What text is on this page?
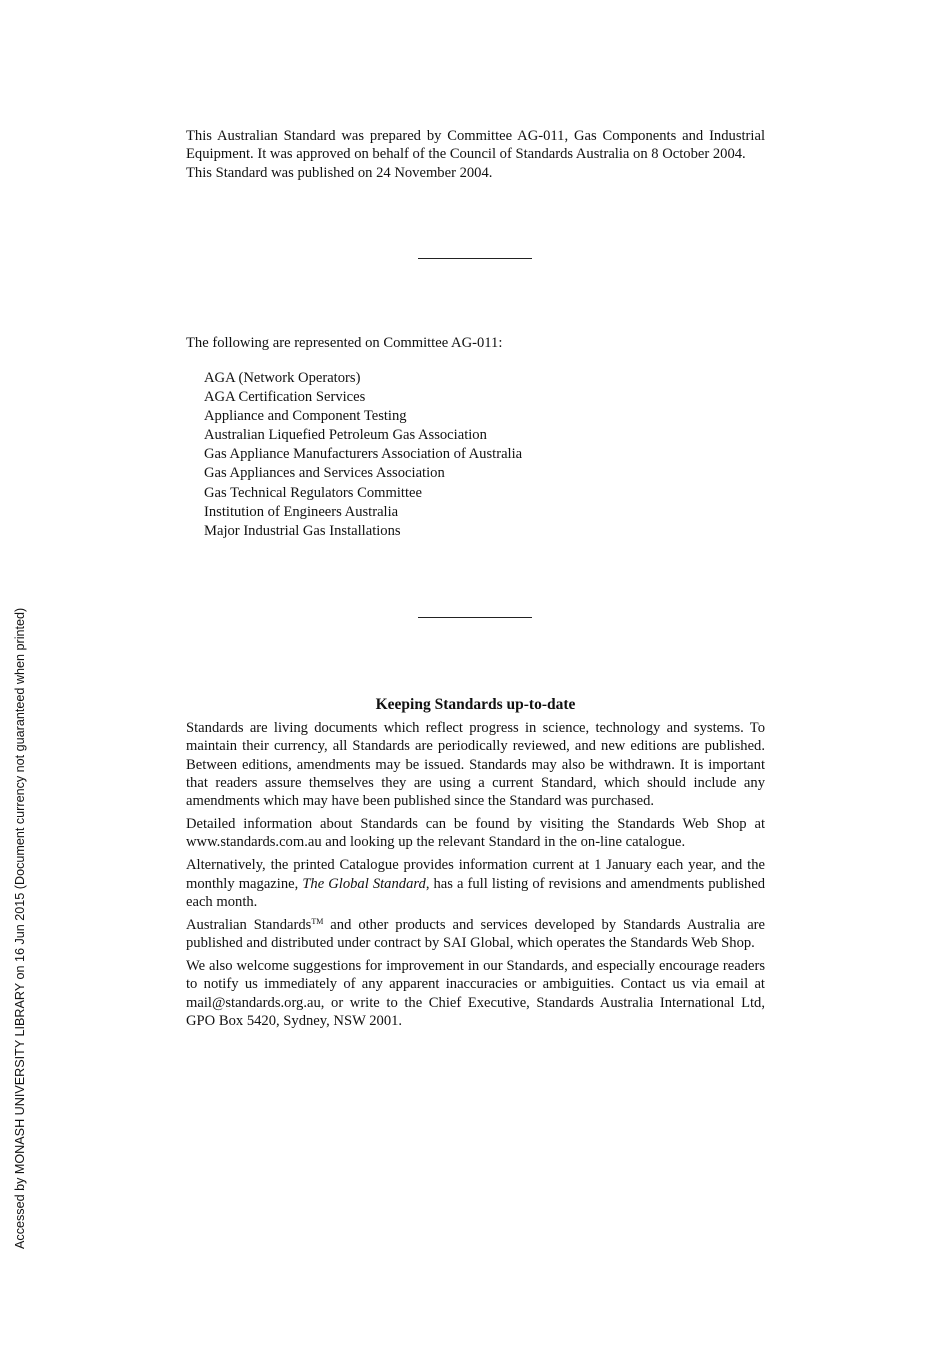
This Australian Standard was prepared by Committee AG-011, Gas Components and Industrial Equipment. It was approved on behalf of the Council of Standards Australia on 8 October 2004.
This Standard was published on 24 November 2004.
The following are represented on Committee AG-011:
AGA (Network Operators)
AGA Certification Services
Appliance and Component Testing
Australian Liquefied Petroleum Gas Association
Gas Appliance Manufacturers Association of Australia
Gas Appliances and Services Association
Gas Technical Regulators Committee
Institution of Engineers Australia
Major Industrial Gas Installations
Keeping Standards up-to-date

Standards are living documents which reflect progress in science, technology and systems. To maintain their currency, all Standards are periodically reviewed, and new editions are published. Between editions, amendments may be issued. Standards may also be withdrawn. It is important that readers assure themselves they are using a current Standard, which should include any amendments which may have been published since the Standard was purchased.

Detailed information about Standards can be found by visiting the Standards Web Shop at www.standards.com.au and looking up the relevant Standard in the on-line catalogue.

Alternatively, the printed Catalogue provides information current at 1 January each year, and the monthly magazine, The Global Standard, has a full listing of revisions and amendments published each month.

Australian Standards™ and other products and services developed by Standards Australia are published and distributed under contract by SAI Global, which operates the Standards Web Shop.

We also welcome suggestions for improvement in our Standards, and especially encourage readers to notify us immediately of any apparent inaccuracies or ambiguities. Contact us via email at mail@standards.org.au, or write to the Chief Executive, Standards Australia International Ltd, GPO Box 5420, Sydney, NSW 2001.

Accessed by MONASH UNIVERSITY LIBRARY on 16 Jun 2015 (Document currency not guaranteed when printed)
